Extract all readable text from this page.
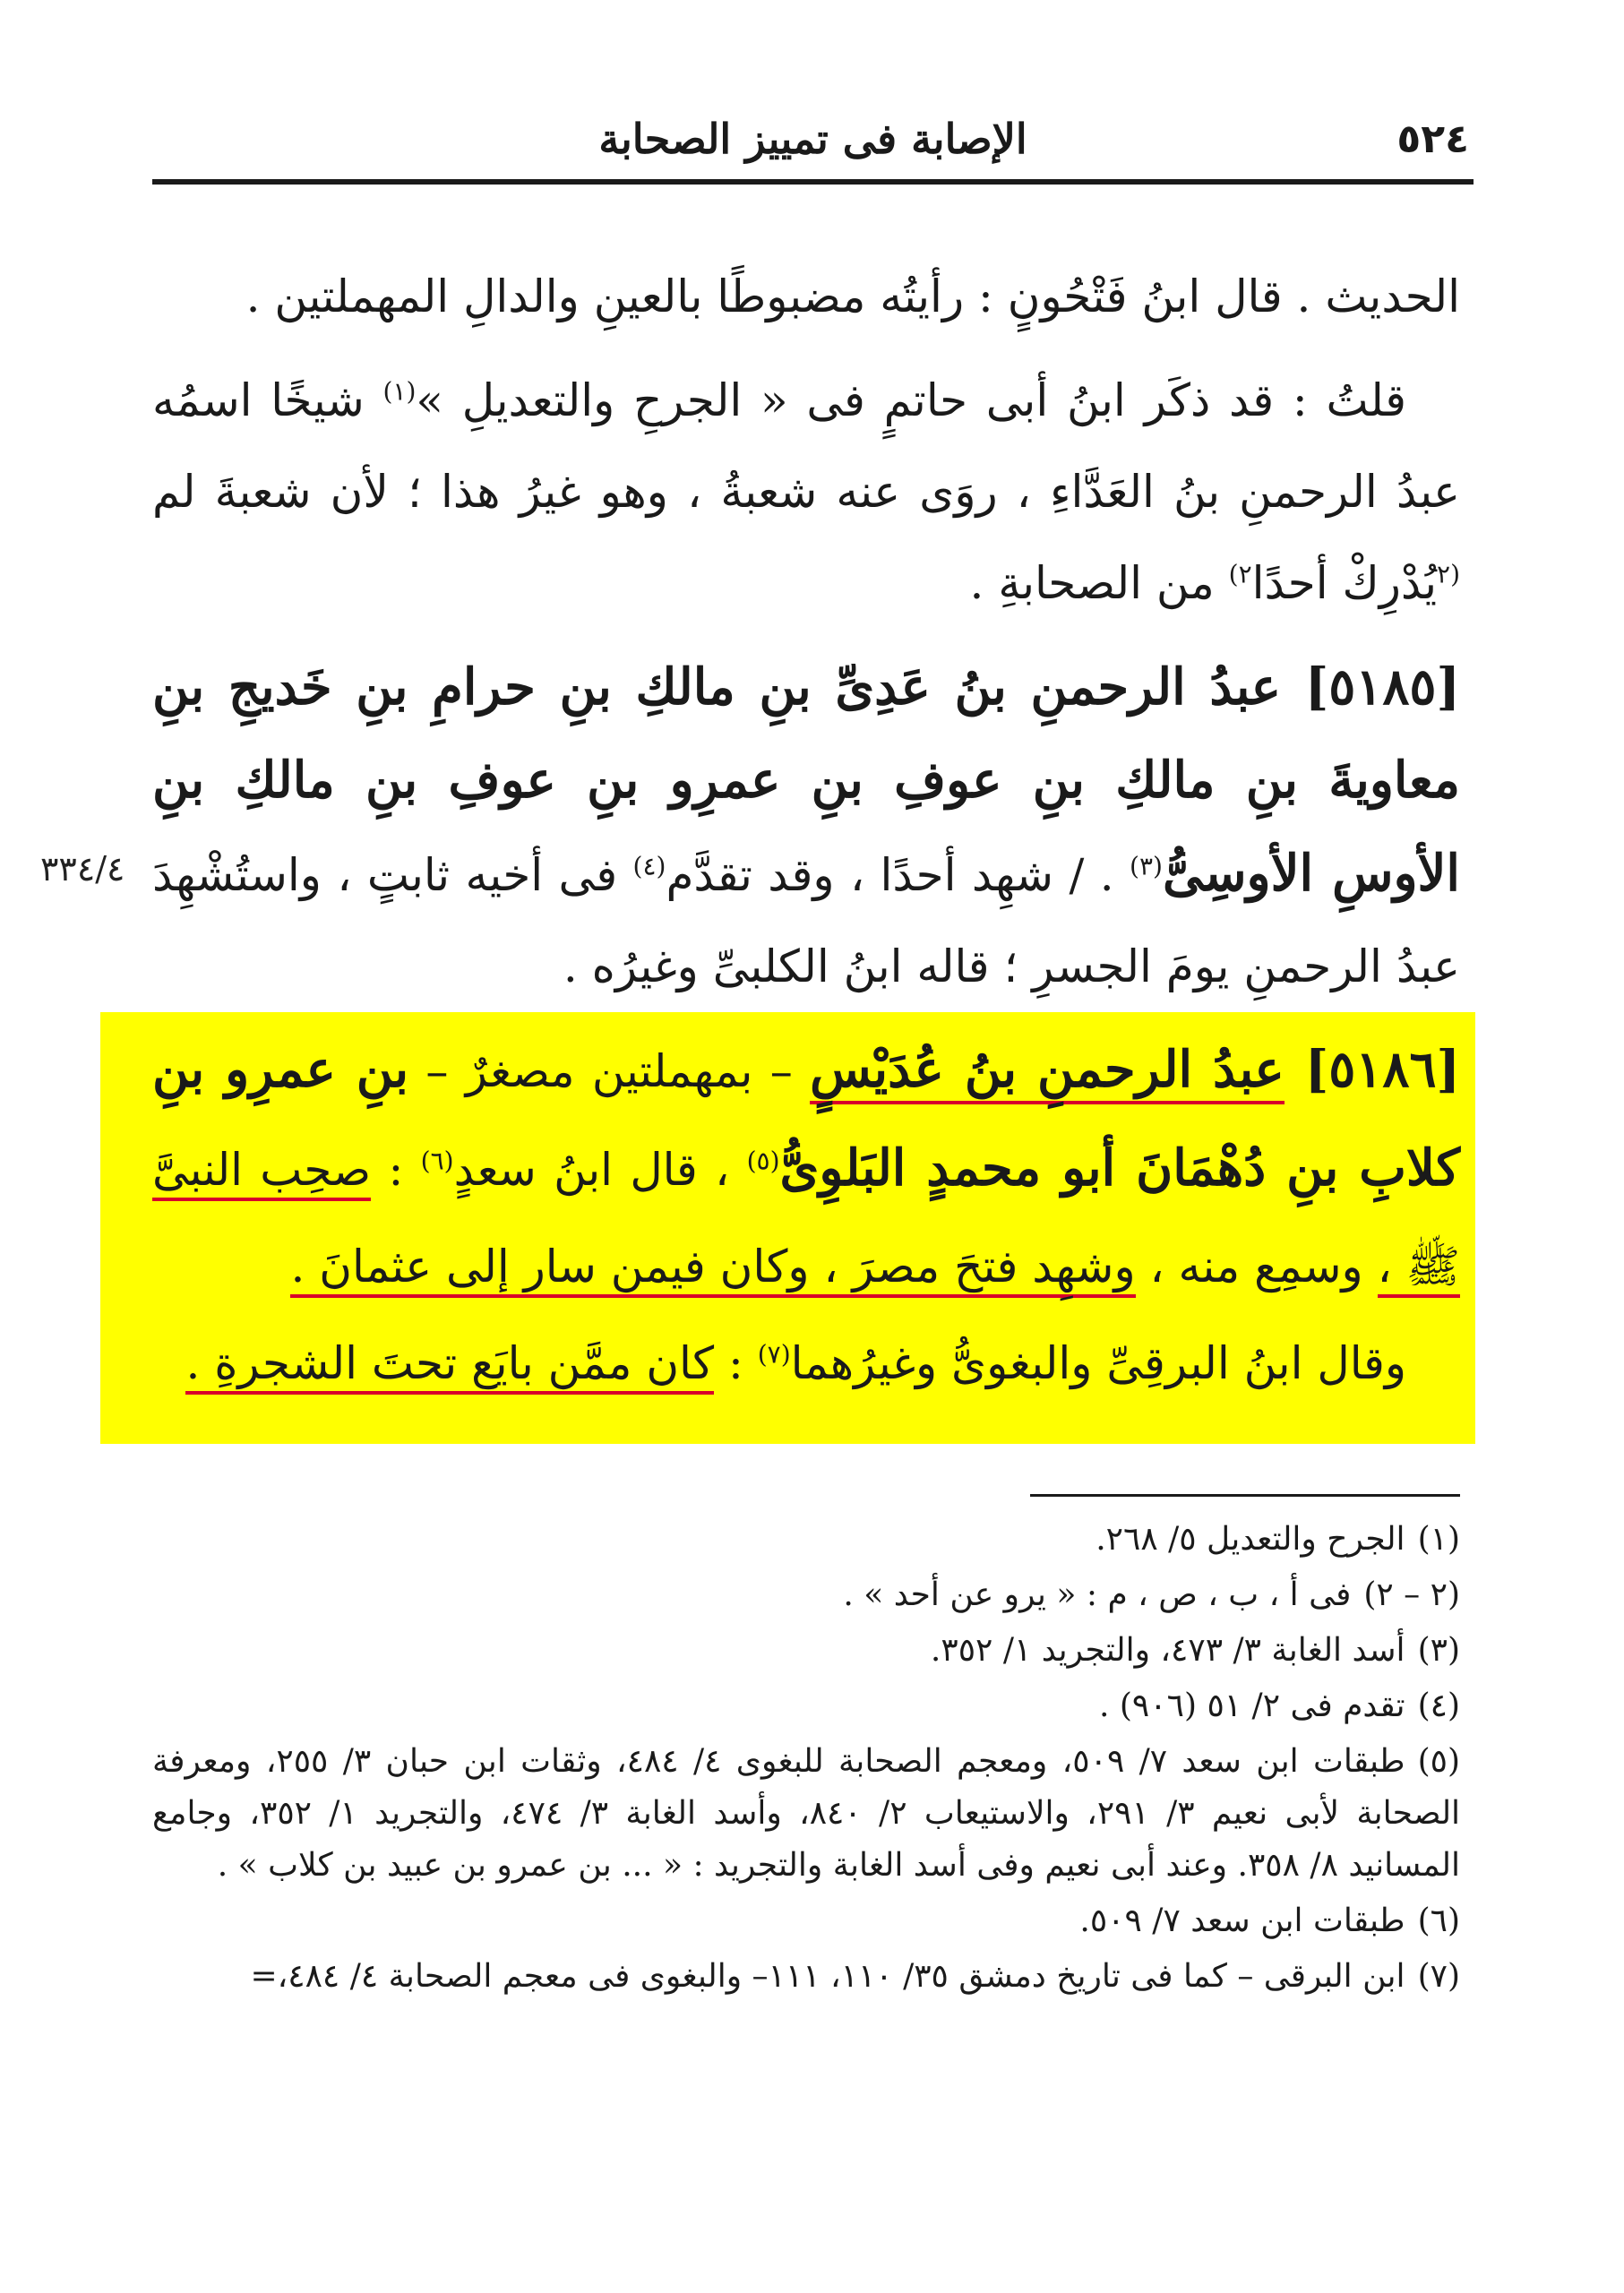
٥٢٤
الإصابة فى تمييز الصحابة
٣٣٤/٤

الحديث . قال ابنُ فَتْحُونٍ : رأيتُه مضبوطًا بالعينِ والدالِ المهملتين .

قلتُ : قد ذكَر ابنُ أبى حاتمٍ فى « الجرحِ والتعديلِ »$^{(١)}$ شيخًا اسمُه عبدُ الرحمنِ بنُ العَدَّاءِ ، روَى عنه شعبةُ ، وهو غيرُ هذا ؛ لأن شعبةَ لم $^{(٢}$يُدْرِكْ أحدًا$^{٢)}$ من الصحابةِ .

[٥١٨٥] عبدُ الرحمنِ بنُ عَدِىِّ بنِ مالكِ بنِ حرامِ بنِ خَديجِ بنِ معاويةَ بنِ مالكِ بنِ عوفِ بنِ عمرِو بنِ عوفِ بنِ مالكِ بنِ الأوسِ الأوسِىُّ$^{(٣)}$ . / شهِد أحدًا ، وقد تقدَّم$^{(٤)}$ فى أخيه ثابتٍ ، واستُشْهِدَ عبدُ الرحمنِ يومَ الجسرِ ؛ قاله ابنُ الكلبىِّ وغيرُه .

[٥١٨٦] عبدُ الرحمنِ بنُ عُدَيْسٍ – بمهملتين مصغرٌ – بنِ عمرِو بنِ كلابِ بنِ دُهْمَانَ أبو محمدٍ البَلوِىُّ$^{(٥)}$ ، قال ابنُ سعدٍ$^{(٦)}$ : صحِب النبىَّ ﷺ ، وسمِع منه ، وشهِد فتحَ مصرَ ، وكان فيمن سار إلى عثمانَ .

وقال ابنُ البرقِىِّ والبغوىُّ وغيرُهما$^{(٧)}$ : كان ممَّن بايَع تحتَ الشجرةِ .

(١)الجرح والتعديل ٥/ ٢٦٨.

(٢ – ٢)فى أ ، ب ، ص ، م : « يرو عن أحد » .

(٣)أسد الغابة ٣/ ٤٧٣، والتجريد ١/ ٣٥٢.

(٤)تقدم فى ٢/ ٥١ (٩٠٦) .

(٥)طبقات ابن سعد ٧/ ٥٠٩، ومعجم الصحابة للبغوى ٤/ ٤٨٤، وثقات ابن حبان ٣/ ٢٥٥، ومعرفة الصحابة لأبى نعيم ٣/ ٢٩١، والاستيعاب ٢/ ٨٤٠، وأسد الغابة ٣/ ٤٧٤، والتجريد ١/ ٣٥٢، وجامع المسانيد ٨/ ٣٥٨. وعند أبى نعيم وفى أسد الغابة والتجريد : « ... بن عمرو بن عبيد بن كلاب » .

(٦)طبقات ابن سعد ٧/ ٥٠٩.

(٧)ابن البرقى – كما فى تاريخ دمشق ٣٥/ ١١٠، ١١١– والبغوى فى معجم الصحابة ٤/ ٤٨٤،=
